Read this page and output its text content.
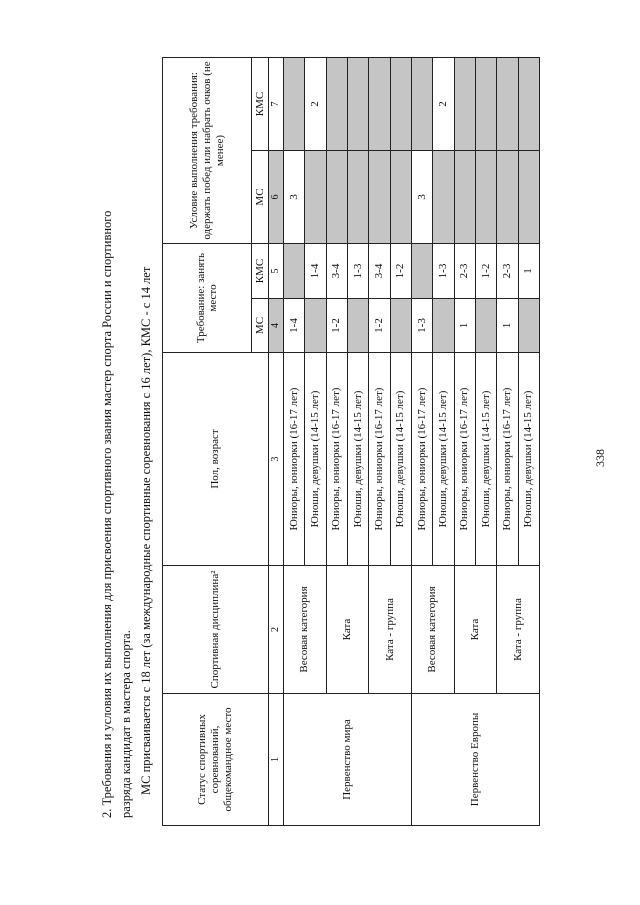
338
2. Требования и условия их выполнения для присвоения спортивного звания мастер спорта России и спортивного разряда кандидат в мастера спорта. МС присваивается с 18 лет (за международные спортивные соревнования с 16 лет), КМС - с 14 лет	Статус спортивных соревнований, общекомандное место	Спортивная дисциплина²	Пол, возраст	Требование: занять место		Условие выполнения требования: одержать побед или набрать очков (не менее)	
			МС	КМС	МС	КМС
1	2	3	4	5	6	7
Первенство мира	Весовая категория	Юниоры, юниорки (16-17 лет)	1-4		3	
		Юноши, девушки (14-15 лет)		1-4		2
	Ката	Юниоры, юниорки (16-17 лет)	1-2	3-4		
		Юноши, девушки (14-15 лет)		1-3		
	Ката - группа	Юниоры, юниорки (16-17 лет)	1-2	3-4		
		Юноши, девушки (14-15 лет)		1-2		
Первенство Европы	Весовая категория	Юниоры, юниорки (16-17 лет)	1-3		3	
		Юноши, девушки (14-15 лет)		1-3		2
	Ката	Юниоры, юниорки (16-17 лет)	1	2-3		
		Юноши, девушки (14-15 лет)		1-2		
	Ката - группа	Юниоры, юниорки (16-17 лет)	1	2-3		
		Юноши, девушки (14-15 лет)		1		
